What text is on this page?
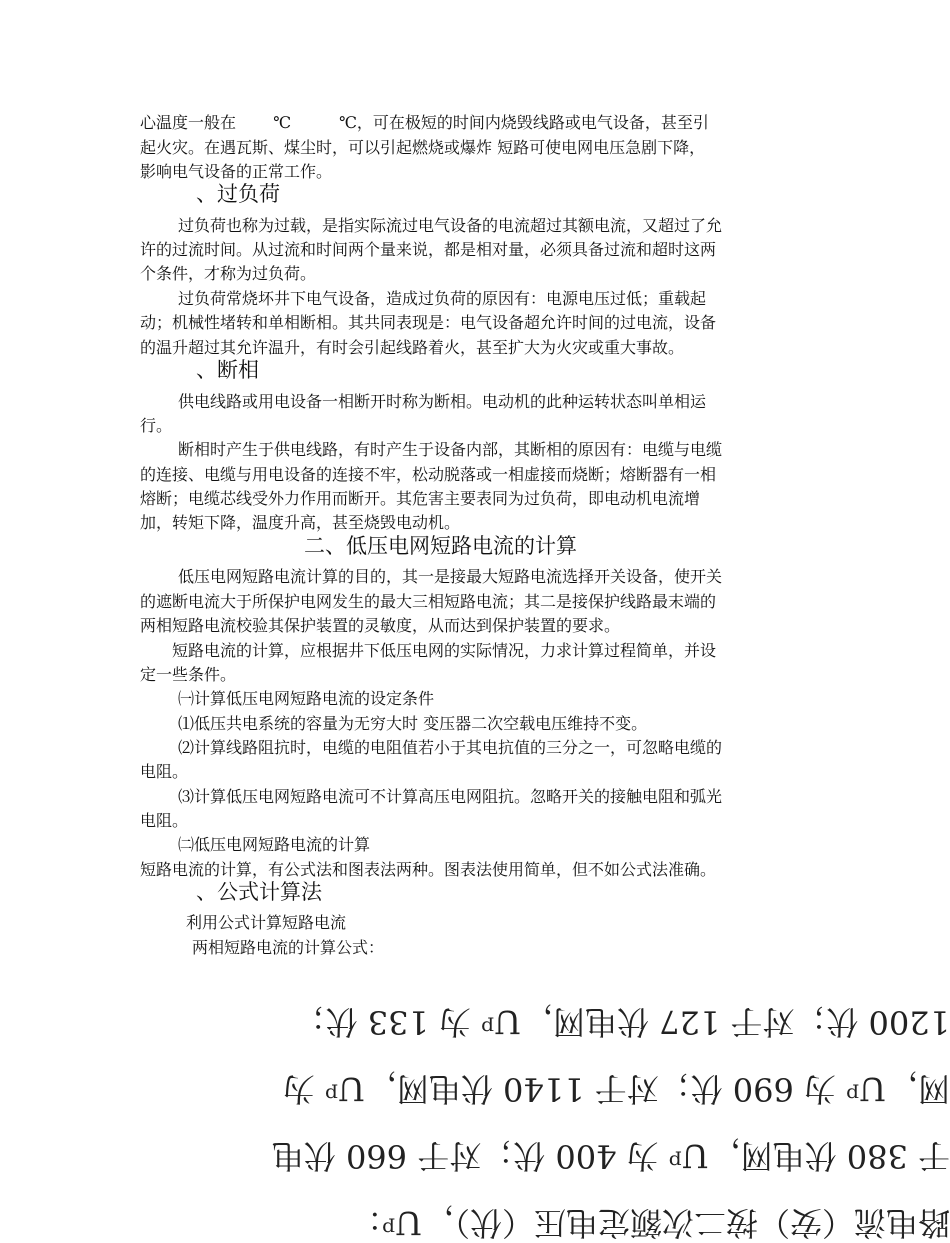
心温度一般在　　 ℃　　　℃，可在极短的时间内烧毁线路或电气设备，甚至引
起火灾。在遇瓦斯、煤尘时，可以引起燃烧或爆炸 短路可使电网电压急剧下降，
影响电气设备的正常工作。
、过负荷
过负荷也称为过载，是指实际流过电气设备的电流超过其额电流，又超过了允
许的过流时间。从过流和时间两个量来说，都是相对量，必须具备过流和超时这两
个条件，才称为过负荷。
过负荷常烧坏井下电气设备，造成过负荷的原因有：电源电压过低；重载起
动；机械性堵转和单相断相。其共同表现是：电气设备超允许时间的过电流，设备
的温升超过其允许温升，有时会引起线路着火，甚至扩大为火灾或重大事故。
、断相
供电线路或用电设备一相断开时称为断相。电动机的此种运转状态叫单相运
行。
断相时产生于供电线路，有时产生于设备内部，其断相的原因有：电缆与电缆
的连接、电缆与用电设备的连接不牢，松动脱落或一相虚接而烧断；熔断器有一相
熔断；电缆芯线受外力作用而断开。其危害主要表同为过负荷，即电动机电流增
加，转矩下降，温度升高，甚至烧毁电动机。
二、低压电网短路电流的计算
低压电网短路电流计算的目的，其一是接最大短路电流选择开关设备，使开关
的遮断电流大于所保护电网发生的最大三相短路电流；其二是接保护线路最末端的
两相短路电流校验其保护装置的灵敏度，从而达到保护装置的要求。
短路电流的计算，应根据井下低压电网的实际情况，力求计算过程简单，并设
定一些条件。
㈠计算低压电网短路电流的设定条件
⑴低压共电系统的容量为无穷大时 变压器二次空载电压维持不变。
⑵计算线路阻抗时，电缆的电阻值若小于其电抗值的三分之一，可忽略电缆的
电阻。
⑶计算低压电网短路电流可不计算高压电网阻抗。忽略开关的接触电阻和弧光
电阻。
㈡低压电网短路电流的计算
短路电流的计算，有公式法和图表法两种。图表法使用简单，但不如公式法准确。
、公式计算法
利用公式计算短路电流
两相短路电流的计算公式：
1200 伏；对于 127 伏电网，Uᵖ 为 133 伏；
网，Uᵖ 为 690 伏；对于 1140 伏电网，Uᵖ 为
于 380 伏电网，Uᵖ 为 400 伏；对于 660 伏电
路电流（安）按二次额定电压（伏），Uᵖ：
